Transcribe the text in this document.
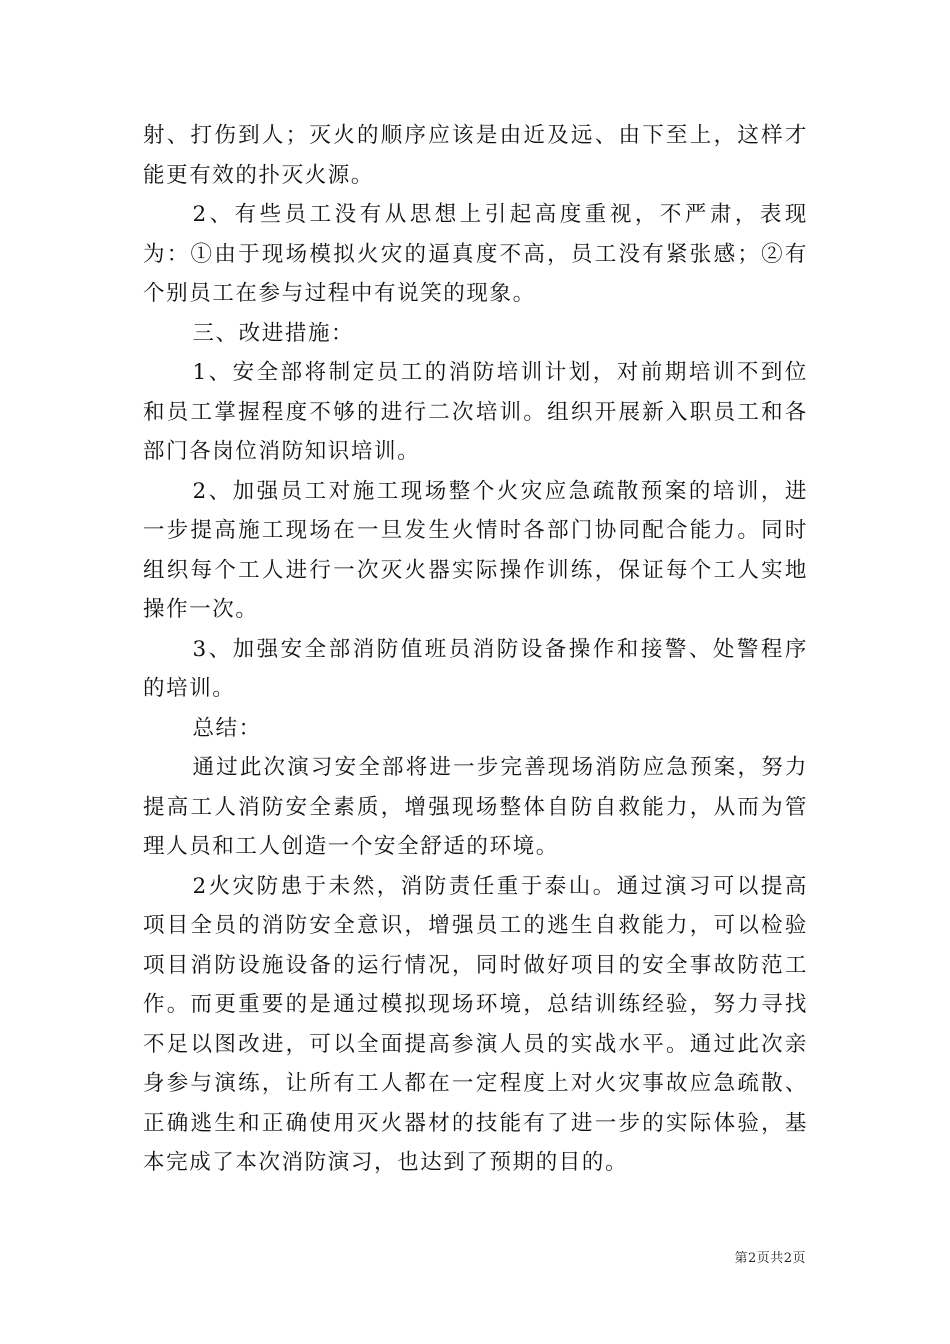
射、打伤到人；灭火的顺序应该是由近及远、由下至上，这样才能更有效的扑灭火源。

2、有些员工没有从思想上引起高度重视，不严肃，表现为：①由于现场模拟火灾的逼真度不高，员工没有紧张感；②有个别员工在参与过程中有说笑的现象。

三、改进措施：

1、安全部将制定员工的消防培训计划，对前期培训不到位和员工掌握程度不够的进行二次培训。组织开展新入职员工和各部门各岗位消防知识培训。

2、加强员工对施工现场整个火灾应急疏散预案的培训，进一步提高施工现场在一旦发生火情时各部门协同配合能力。同时组织每个工人进行一次灭火器实际操作训练，保证每个工人实地操作一次。

3、加强安全部消防值班员消防设备操作和接警、处警程序的培训。

总结：

通过此次演习安全部将进一步完善现场消防应急预案，努力提高工人消防安全素质，增强现场整体自防自救能力，从而为管理人员和工人创造一个安全舒适的环境。

2火灾防患于未然，消防责任重于泰山。通过演习可以提高项目全员的消防安全意识，增强员工的逃生自救能力，可以检验项目消防设施设备的运行情况，同时做好项目的安全事故防范工作。而更重要的是通过模拟现场环境，总结训练经验，努力寻找不足以图改进，可以全面提高参演人员的实战水平。通过此次亲身参与演练，让所有工人都在一定程度上对火灾事故应急疏散、正确逃生和正确使用灭火器材的技能有了进一步的实际体验，基本完成了本次消防演习，也达到了预期的目的。

第2页共2页
